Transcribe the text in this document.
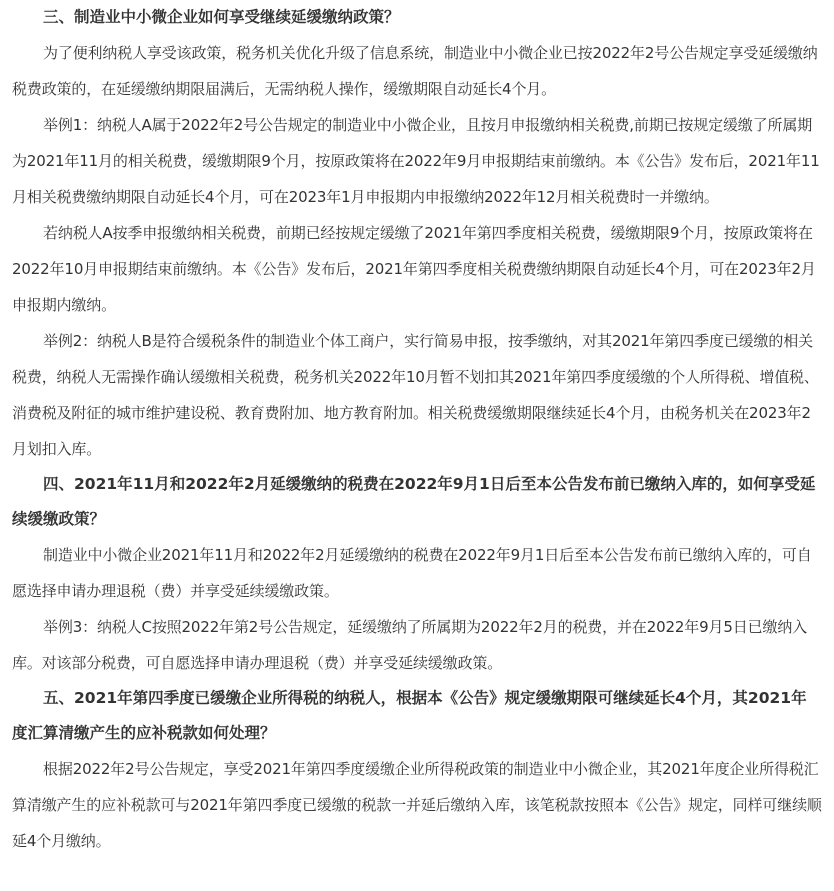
三、制造业中小微企业如何享受继续延缓缴纳政策？

为了便利纳税人享受该政策，税务机关优化升级了信息系统，制造业中小微企业已按2022年2号公告规定享受延缓缴纳税费政策的，在延缓缴纳期限届满后，无需纳税人操作，缓缴期限自动延长4个月。

举例1：纳税人A属于2022年2号公告规定的制造业中小微企业，且按月申报缴纳相关税费,前期已按规定缓缴了所属期为2021年11月的相关税费，缓缴期限9个月，按原政策将在2022年9月申报期结束前缴纳。本《公告》发布后，2021年11月相关税费缴纳期限自动延长4个月，可在2023年1月申报期内申报缴纳2022年12月相关税费时一并缴纳。

若纳税人A按季申报缴纳相关税费，前期已经按规定缓缴了2021年第四季度相关税费，缓缴期限9个月，按原政策将在2022年10月申报期结束前缴纳。本《公告》发布后，2021年第四季度相关税费缴纳期限自动延长4个月，可在2023年2月申报期内缴纳。

举例2：纳税人B是符合缓税条件的制造业个体工商户，实行简易申报，按季缴纳，对其2021年第四季度已缓缴的相关税费，纳税人无需操作确认缓缴相关税费，税务机关2022年10月暂不划扣其2021年第四季度缓缴的个人所得税、增值税、消费税及附征的城市维护建设税、教育费附加、地方教育附加。相关税费缓缴期限继续延长4个月，由税务机关在2023年2月划扣入库。

四、2021年11月和2022年2月延缓缴纳的税费在2022年9月1日后至本公告发布前已缴纳入库的，如何享受延续缓缴政策？

制造业中小微企业2021年11月和2022年2月延缓缴纳的税费在2022年9月1日后至本公告发布前已缴纳入库的，可自愿选择申请办理退税（费）并享受延续缓缴政策。

举例3：纳税人C按照2022年第2号公告规定，延缓缴纳了所属期为2022年2月的税费，并在2022年9月5日已缴纳入库。对该部分税费，可自愿选择申请办理退税（费）并享受延续缓缴政策。

五、2021年第四季度已缓缴企业所得税的纳税人，根据本《公告》规定缓缴期限可继续延长4个月，其2021年度汇算清缴产生的应补税款如何处理？

根据2022年2号公告规定，享受2021年第四季度缓缴企业所得税政策的制造业中小微企业，其2021年度企业所得税汇算清缴产生的应补税款可与2021年第四季度已缓缴的税款一并延后缴纳入库，该笔税款按照本《公告》规定，同样可继续顺延4个月缴纳。
